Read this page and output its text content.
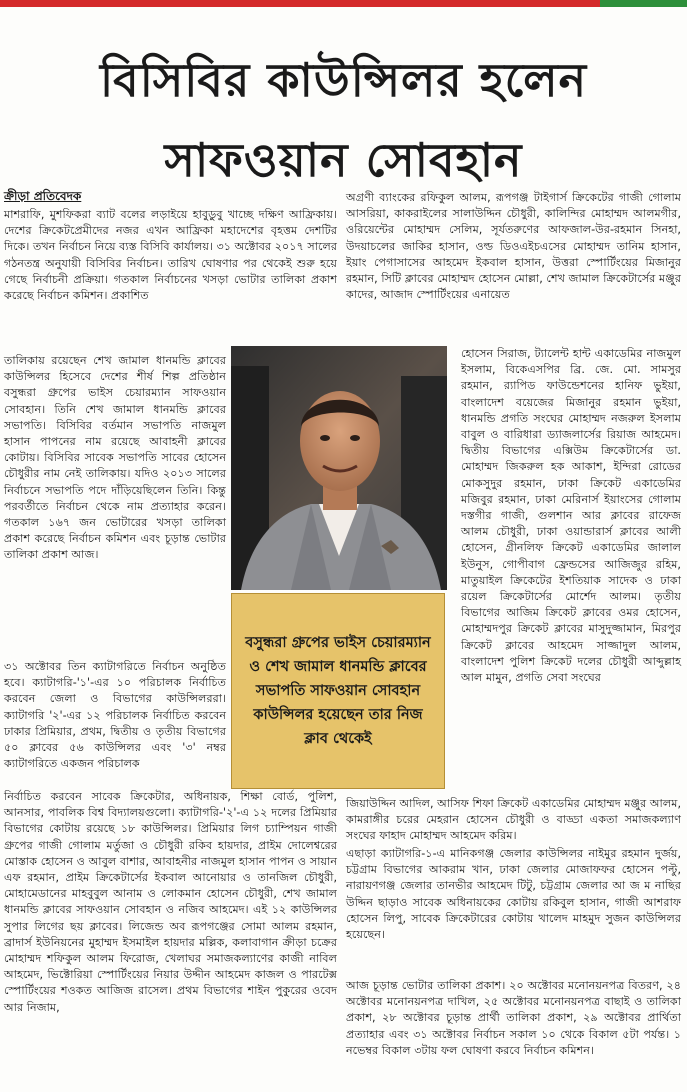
বিসিবির কাউন্সিলর হলেন
সাফওয়ান সোবহান
ক্রীড়া প্রতিবেদক

মাশরাফি, মুশফিকরা ব্যাট বলের লড়াইয়ে হাবুডুবু খাচ্ছে দক্ষিণ আফ্রিকায়। দেশের ক্রিকেটপ্রেমীদের নজর এখন আফ্রিকা মহাদেশের বৃহত্তম দেশটির দিকে। তখন নির্বাচন নিয়ে ব্যস্ত বিসিবি কার্যালয়। ৩১ অক্টোবর ২০১৭ সালের গঠনতন্ত্র অনুযায়ী বিসিবির নির্বাচন। তারিখ ঘোষণার পর থেকেই শুরু হয়ে গেছে নির্বাচনী প্রক্রিয়া। গতকাল নির্বাচনের খসড়া ভোটার তালিকা প্রকাশ করেছে নির্বাচন কমিশন। প্রকাশিত

তালিকায় রয়েছেন শেখ জামাল ধানমন্ডি ক্লাবের কাউন্সিলর হিসেবে দেশের শীর্ষ শিল্প প্রতিষ্ঠান বসুন্ধরা গ্রুপের ভাইস চেয়ারম্যান সাফওয়ান সোবহান। তিনি শেখ জামাল ধানমন্ডি ক্লাবের সভাপতি। বিসিবির বর্তমান সভাপতি নাজমুল হাসান পাপনের নাম রয়েছে আবাহনী ক্লাবের কোটায়। বিসিবির সাবেক সভাপতি সাবের হোসেন চৌধুরীর নাম নেই তালিকায়। যদিও ২০১৩ সালের নির্বাচনে সভাপতি পদে দাঁড়িয়েছিলেন তিনি। কিন্তু পরবর্তীতে নির্বাচন থেকে নাম প্রত্যাহার করেন। গতকাল ১৬৭ জন ভোটারের খসড়া তালিকা প্রকাশ করেছে নির্বাচন কমিশন এবং চূড়ান্ত ভোটার তালিকা প্রকাশ আজ।

৩১ অক্টোবর তিন ক্যাটাগরিতে নির্বাচন অনুষ্ঠিত হবে। ক্যাটাগরি-'১'-এর ১০ পরিচালক নির্বাচিত করবেন জেলা ও বিভাগের কাউন্সিলররা। ক্যাটাগরি '২'-এর ১২ পরিচালক নির্বাচিত করবেন ঢাকার প্রিমিয়ার, প্রথম, দ্বিতীয় ও তৃতীয় বিভাগের ৫০ ক্লাবের ৫৬ কাউন্সিলর এবং '৩' নম্বর ক্যাটাগরিতে একজন পরিচালক

অগ্রণী ব্যাংকের রফিকুল আলম, রূপগঞ্জ টাইগার্স ক্রিকেটের গাজী গোলাম আসরিয়া, কাকরাইলের সালাউদ্দিন চৌধুরী, কালিন্দির মোহাম্মদ আলমগীর, ওরিয়েন্টের মোহাম্মদ সেলিম, সূর্যতরুণের আফজাল-উর-রহমান সিনহা, উদয়াচলের জাকির হাসান, ওল্ড ডিওএইচএসের মোহাম্মদ তানিম হাসান, ইয়াং পেগাসাসের আহমেদ ইকবাল হাসান, উত্তরা স্পোর্টিংয়ের মিজানুর রহমান, সিটি ক্লাবের মোহাম্মদ হোসেন মোল্লা, শেখ জামাল ক্রিকেটার্সের মঞ্জুর কাদের, আজাদ স্পোর্টিংয়ের এনায়েত

হোসেন সিরাজ, ট্যালেন্ট হান্ট একাডেমির নাজমুল ইসলাম, বিকেএসপির ব্রি. জে. মো. সামসুর রহমান, র‍্যাপিড ফাউন্ডেশনের হানিফ ভুইয়া, বাংলাদেশ বয়েজের মিজানুর রহমান ভুইয়া, ধানমন্ডি প্রগতি সংঘের মোহাম্মদ নজরুল ইসলাম বাবুল ও বারিধারা ড্যাজলার্সের রিয়াজ আহমেদ। দ্বিতীয় বিভাগের এক্সিউম ক্রিকেটার্সের ডা. মোহাম্মদ জিকরুল হক আকাশ, ইন্দিরা রোডের মোকসুদুর রহমান, ঢাকা ক্রিকেট একাডেমির মজিবুর রহমান, ঢাকা মেরিনার্স ইয়াংসের গোলাম দস্তগীর গাজী, গুলশান আর ক্লাবের রাফেজ আলম চৌধুরী, ঢাকা ওয়ান্ডারার্স ক্লাবের আলী হোসেন, গ্রীনলিফ ক্রিকেট একাডেমির জালাল ইউনুস, গোপীবাগ ফ্রেন্ডসের আজিজুর রহিম, মাতুয়াইল ক্রিকেটের ইশতিয়াক সাদেক ও ঢাকা রয়েল ক্রিকেটার্সের মোর্শেদ আলম। তৃতীয় বিভাগের আজিম ক্রিকেট ক্লাবের ওমর হোসেন, মোহাম্মদপুর ক্রিকেট ক্লাবের মাসুদুজ্জামান, মিরপুর ক্রিকেট ক্লাবের আহমেদ সাজ্জাদুল আলম, বাংলাদেশ পুলিশ ক্রিকেট দলের চৌধুরী আব্দুল্লাহ আল মামুন, প্রগতি সেবা সংঘের

বসুন্ধরা গ্রুপের ভাইস চেয়ারম্যান ও শেখ জামাল ধানমন্ডি ক্লাবের সভাপতি সাফওয়ান সোবহান কাউন্সিলর হয়েছেন তার নিজ ক্লাব থেকেই

নির্বাচিত করবেন সাবেক ক্রিকেটার, অধিনায়ক, শিক্ষা বোর্ড, পুলিশ, আনসার, পাবলিক বিশ্ব বিদ্যালয়গুলো। ক্যাটাগরি-'২'-এ ১২ দলের প্রিমিয়ার বিভাগের কোটায় রয়েছে ১৮ কাউন্সিলর। প্রিমিয়ার লিগ চ্যাম্পিয়ন গাজী গ্রুপের গাজী গোলাম মর্তুজা ও চৌধুরী রকিব হায়দার, প্রাইম দোলেশ্বরের মোস্তাক হোসেন ও আবুল বাশার, আবাহনীর নাজমুল হাসান পাপন ও সায়ান এফ রহমান, প্রাইম ক্রিকেটার্সের ইকবাল আনোয়ার ও তানজিল চৌধুরী, মোহামেডানের মাহবুবুল আনাম ও লোকমান হোসেন চৌধুরী, শেখ জামাল ধানমন্ডি ক্লাবের সাফওয়ান সোবহান ও নজিব আহমেদ। এই ১২ কাউন্সিলর সুপার লিগের ছয় ক্লাবের। লিজেন্ড অব রূপগঞ্জের সোমা আলম রহমান, ব্রাদার্স ইউনিয়নের মুহাম্মদ ইসমাইল হায়দার মল্লিক, কলাবাগান ক্রীড়া চক্রের মোহাম্মদ শফিকুল আলম ফিরোজ, খেলাঘর সমাজকল্যাণের কাজী নাবিল আহমেদ, ভিক্টোরিয়া স্পোর্টিংয়ের নিয়ার উদ্দীন আহমেদ কাজল ও পারটেক্স স্পোর্টিংয়ের শওকত আজিজ রাসেল। প্রথম বিভাগের শাইন পুকুরের ওবেদ আর নিজাম,

জিয়াউদ্দিন আদিল, আসিফ শিফা ক্রিকেট একাডেমির মোহাম্মদ মঞ্জুর আলম, কামরাঙ্গীর চরের মেহরান হোসেন চৌধুরী ও বাড্ডা একতা সমাজকল্যাণ সংঘের ফাহাদ মোহাম্মদ আহমেদ করিম।

এছাড়া ক্যাটাগরি-১-এ মানিকগঞ্জ জেলার কাউন্সিলর নাইমুর রহমান দুর্জয়, চট্টগ্রাম বিভাগের আকরাম খান, ঢাকা জেলার মোজাফফর হোসেন পল্টু, নারায়ণগঞ্জ জেলার তানভীর আহমেদ টিটু, চট্টগ্রাম জেলার আ জ ম নাছির উদ্দিন ছাড়াও সাবেক অধিনায়কের কোটায় রকিবুল হাসান, গাজী আশরাফ হোসেন লিপু, সাবেক ক্রিকেটারের কোটায় খালেদ মাহমুদ সুজন কাউন্সিলর হয়েছেন।

আজ চূড়ান্ত ভোটার তালিকা প্রকাশ। ২০ অক্টোবর মনোনয়নপত্র বিতরণ, ২৪ অক্টোবর মনোনয়নপত্র দাখিল, ২৫ অক্টোবর মনোনয়নপত্র বাছাই ও তালিকা প্রকাশ, ২৮ অক্টোবর চূড়ান্ত প্রার্থী তালিকা প্রকাশ, ২৯ অক্টোবর প্রার্থিতা প্রত্যাহার এবং ৩১ অক্টোবর নির্বাচন সকাল ১০ থেকে বিকাল ৫টা পর্যন্ত। ১ নভেম্বর বিকাল ৩টায় ফল ঘোষণা করবে নির্বাচন কমিশন।
